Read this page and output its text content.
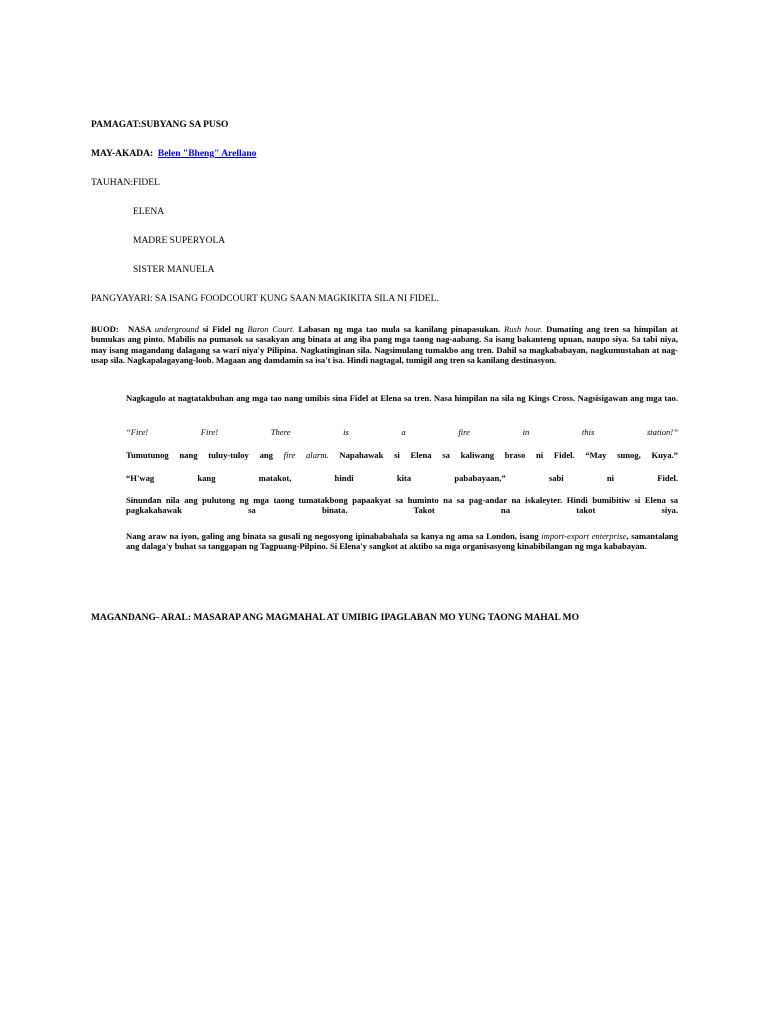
PAMAGAT:SUBYANG SA PUSO
MAY-AKADA: Belen "Bheng" Arellano
TAUHAN:FIDEL
ELENA
MADRE SUPERYOLA
SISTER MANUELA
PANGYAYARI: SA ISANG FOODCOURT KUNG SAAN MAGKIKITA SILA NI FIDEL.
BUOD:	NASA underground si Fidel ng Baron Court. Labasan ng mga tao mula sa kanilang pinapasukan. Rush hour. Dumating ang tren sa himpilan at bumukas ang pinto. Mabilis na pumasok sa sasakyan ang binata at ang iba pang mga taong nag-aabang. Sa isang bakanteng upuan, naupo siya. Sa tabi niya, may isang magandang dalagang sa wari niya'y Pilipina. Nagkatinginan sila. Nagsimulang tumakbo ang tren. Dahil sa magkababayan, nagkumustahan at nag-usap sila. Nagkapalagayang-loob. Magaan ang damdamin sa isa't isa. Hindi nagtagal, tumigil ang tren sa kanilang destinasyon.
Nagkagulo at nagtatakbuhan ang mga tao nang umibis sina Fidel at Elena sa tren. Nasa himpilan na sila ng Kings Cross. Nagsisigawan ang mga tao.
“Fire! Fire! There is a fire in this station!”
Tumutunog nang tuluy-tuloy ang fire alarm. Napahawak si Elena sa kaliwang braso ni Fidel. “May sunog, Kuya.”
“H'wag kang matakot, hindi kita pababayaan,” sabi ni Fidel.
Sinundan nila ang pulutong ng mga taong tumatakbong papaakyat sa huminto na sa pag-andar na iskaleyter. Hindi bumibitiw si Elena sa pagkakahawak sa binata. Takot na takot siya.
Nang araw na iyon, galing ang binata sa gusali ng negosyong ipinababahala sa kanya ng ama sa London, isang import-export enterprise, samantalang ang dalaga'y buhat sa tanggapan ng Tagpuang-Pilpino. Si Elena'y sangkot at aktibo sa mga organisasyong kinabibilangan ng mga kababayan.
MAGANDANG- ARAL: MASARAP ANG MAGMAHAL AT UMIBIG IPAGLABAN MO YUNG TAONG MAHAL MO
